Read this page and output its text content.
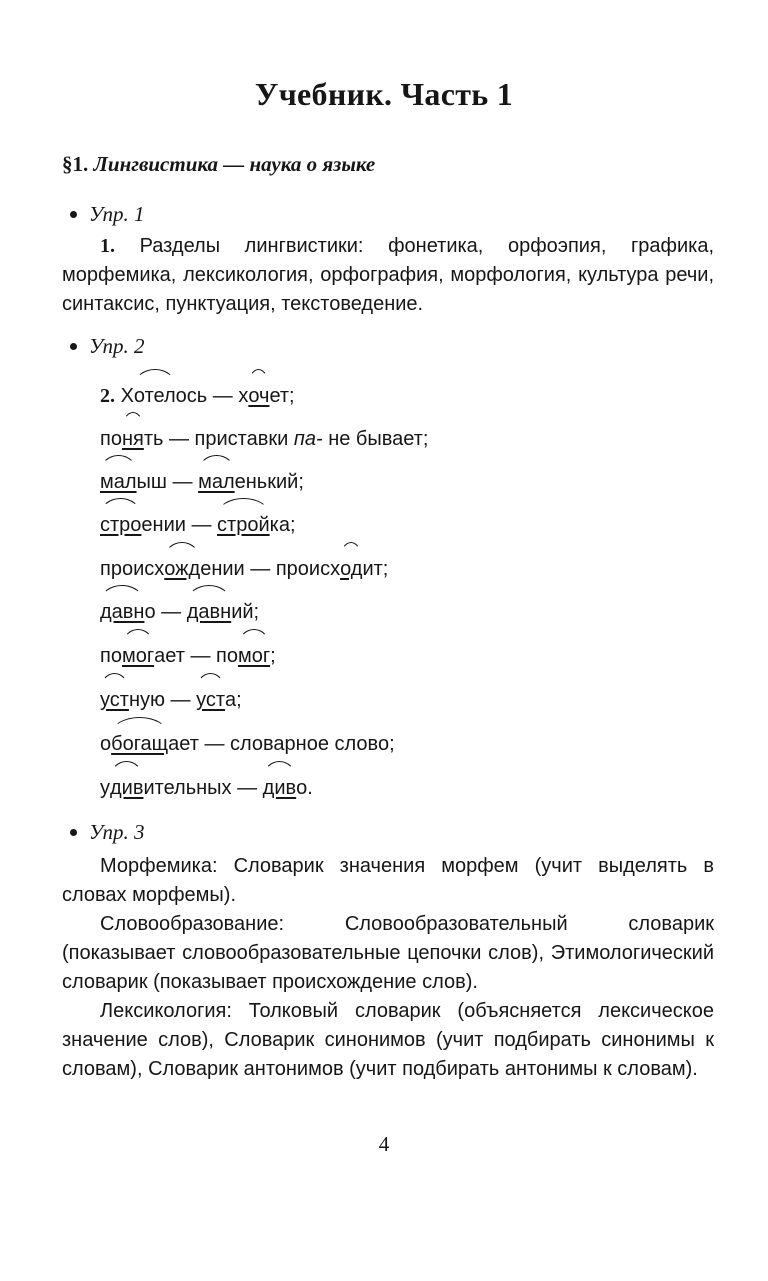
Учебник. Часть 1
§1. Лингвистика — наука о языке
Упр. 1

1. Разделы лингвистики: фонетика, орфоэпия, графика, морфемика, лексикология, орфография, морфология, культура речи, синтаксис, пунктуация, текстоведение.

Упр. 2

2. Хотелось — хочет;

понять — приставки па- не бывает;

малыш — маленький;

строении — стройка;

происхождении — происходит;

давно — давний;

помогает — помог;

устную — уста;

обогащает — словарное слово;

удивительных — диво.

Упр. 3

Морфемика: Словарик значения морфем (учит выделять в словах морфемы).

Словообразование: Словообразовательный словарик (показывает словообразовательные цепочки слов), Этимологический словарик (показывает происхождение слов).

Лексикология: Толковый словарик (объясняется лексическое значение слов), Словарик синонимов (учит подбирать синонимы к словам), Словарик антонимов (учит подбирать антонимы к словам).

4
